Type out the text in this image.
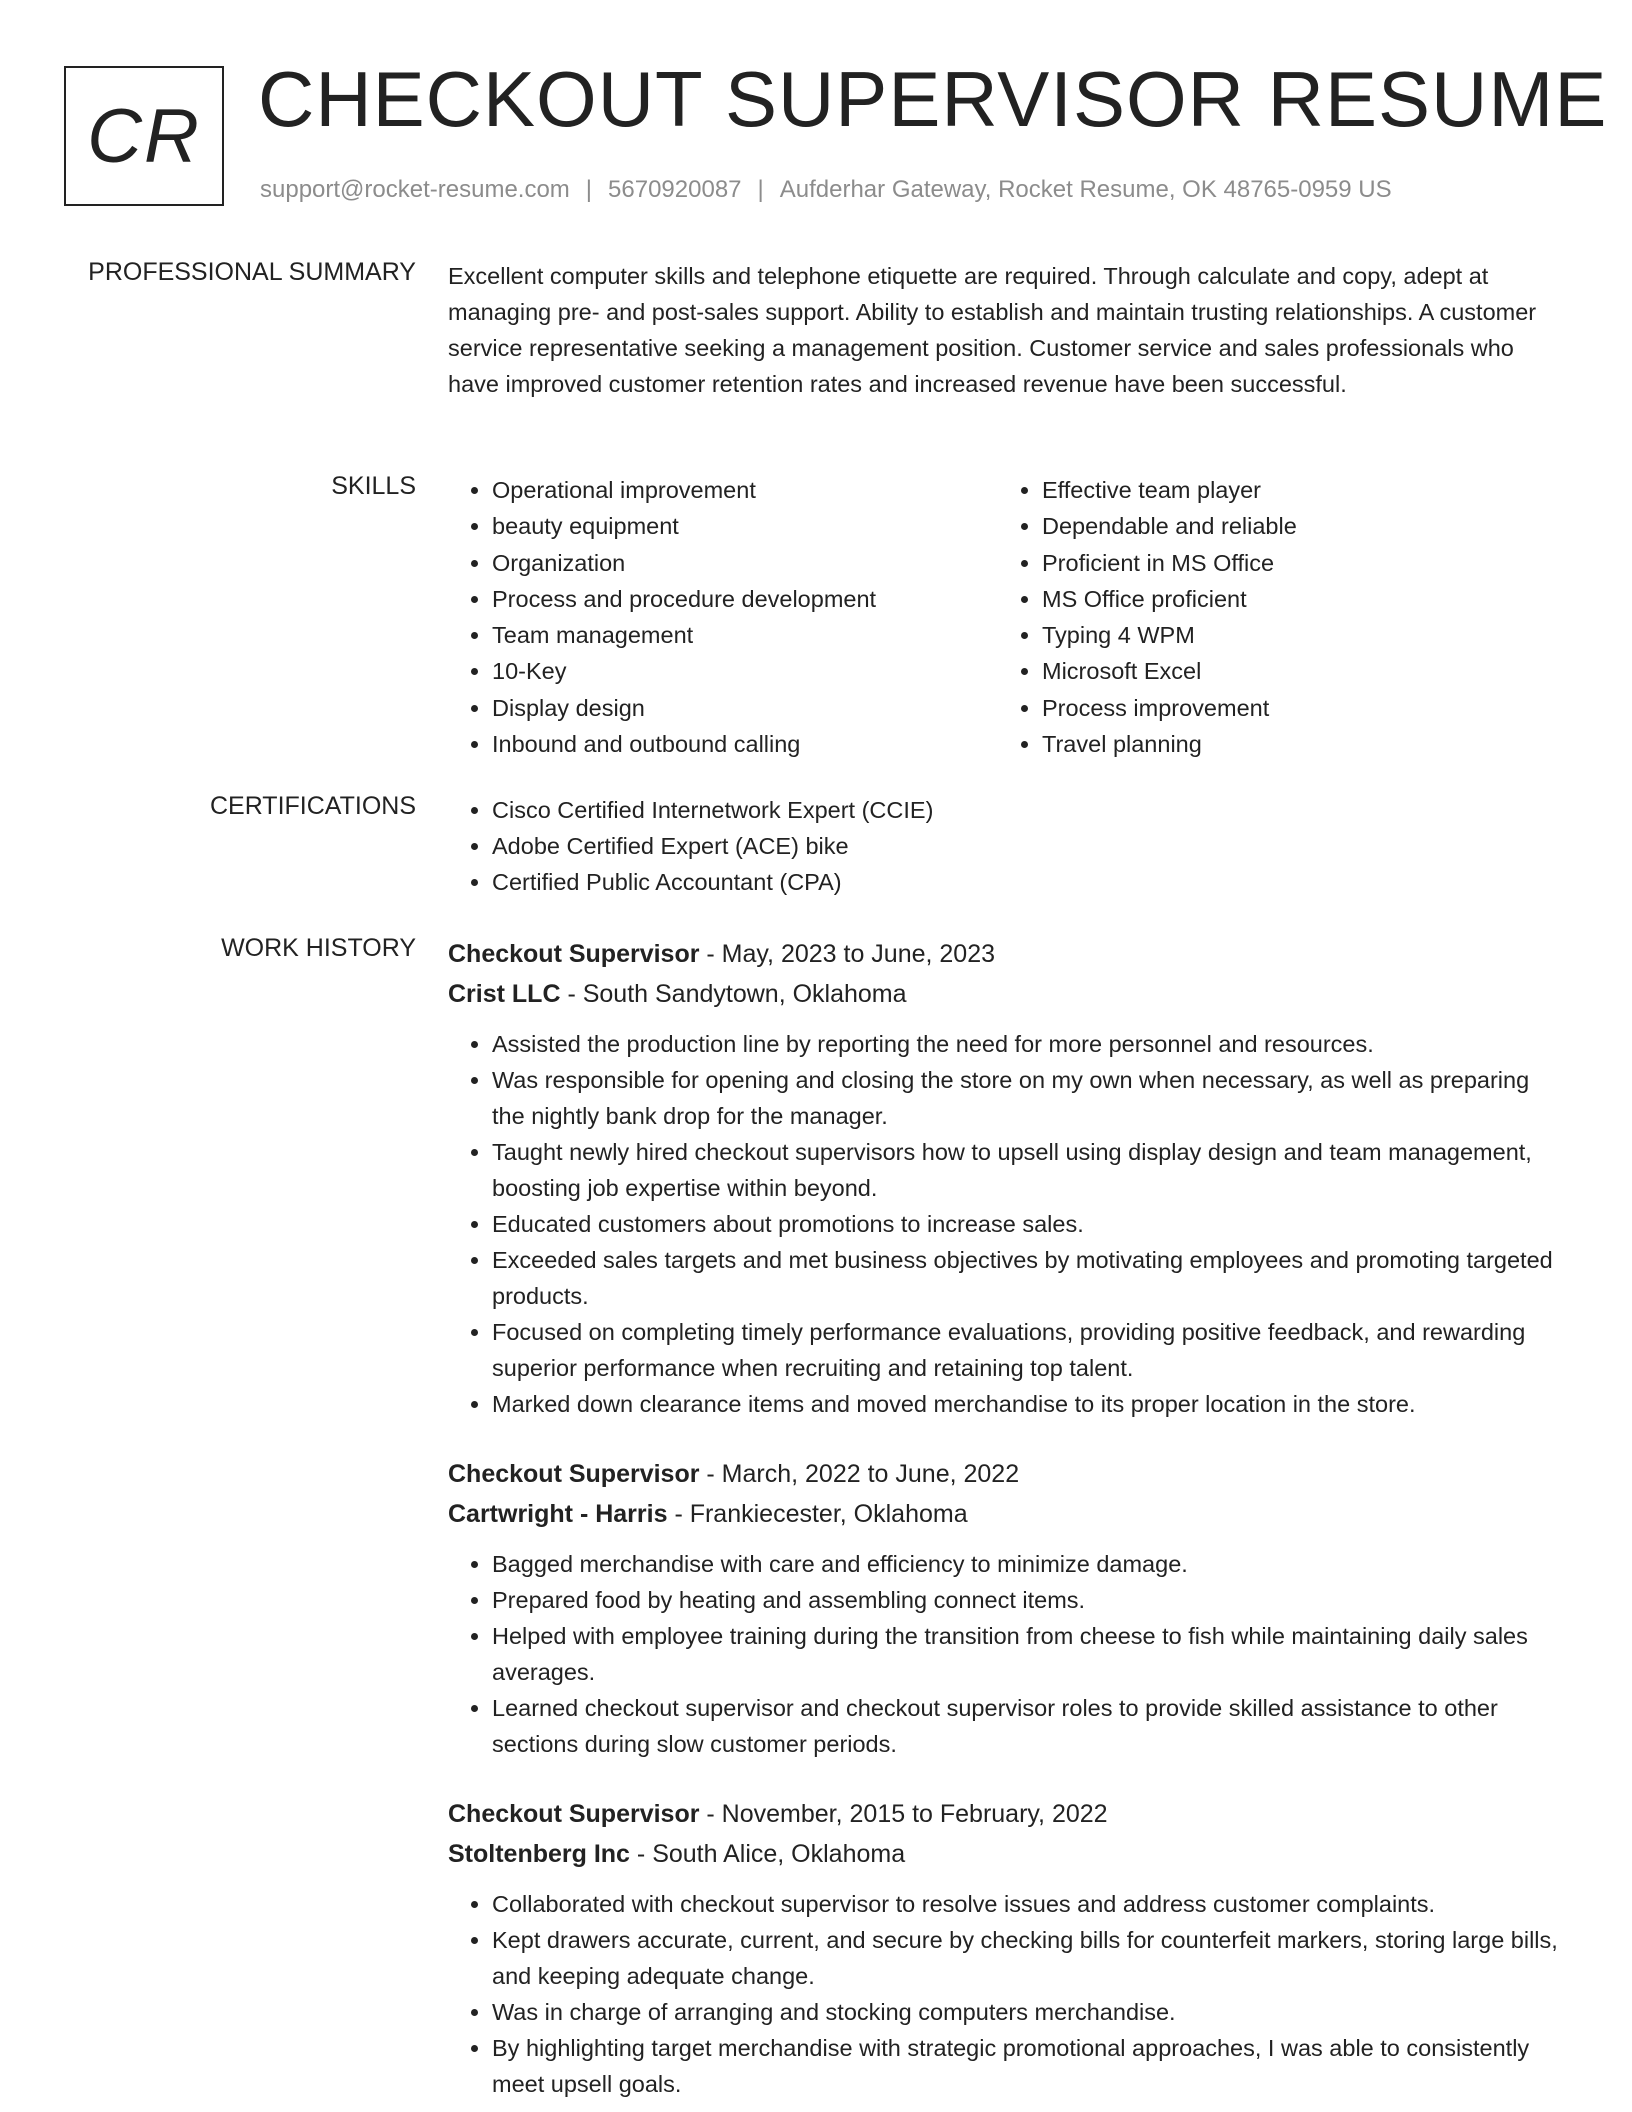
CR CHECKOUT SUPERVISOR RESUME
support@rocket-resume.com | 5670920087 | Aufderhar Gateway, Rocket Resume, OK 48765-0959 US
PROFESSIONAL SUMMARY Excellent computer skills and telephone etiquette are required. Through calculate and copy, adept at managing pre- and post-sales support. Ability to establish and maintain trusting relationships. A customer service representative seeking a management position. Customer service and sales professionals who have improved customer retention rates and increased revenue have been successful.

SKILLS	• Operational improvement
• beauty equipment
• Organization
• Process and procedure development
• Team management
• 10-Key
• Display design
• Inbound and outbound calling
• Effective team player
• Dependable and reliable
• Proficient in MS Office
• MS Office proficient
• Typing 4 WPM
• Microsoft Excel
• Process improvement
• Travel planning
CERTIFICATIONS	• Cisco Certified Internetwork Expert (CCIE)
• Adobe Certified Expert (ACE) bike
• Certified Public Accountant (CPA)
WORK HISTORY Checkout Supervisor - May, 2023 to June, 2023
Crist LLC - South Sandytown, Oklahoma
• Assisted the production line by reporting the need for more personnel and resources.
• Was responsible for opening and closing the store on my own when necessary, as well as preparing the nightly bank drop for the manager.
• Taught newly hired checkout supervisors how to upsell using display design and team management, boosting job expertise within beyond.
• Educated customers about promotions to increase sales.
• Exceeded sales targets and met business objectives by motivating employees and promoting targeted products.
• Focused on completing timely performance evaluations, providing positive feedback, and rewarding superior performance when recruiting and retaining top talent.
• Marked down clearance items and moved merchandise to its proper location in the store.
Checkout Supervisor - March, 2022 to June, 2022
Cartwright - Harris - Frankiecester, Oklahoma
• Bagged merchandise with care and efficiency to minimize damage.
• Prepared food by heating and assembling connect items.
• Helped with employee training during the transition from cheese to fish while maintaining daily sales averages.
• Learned checkout supervisor and checkout supervisor roles to provide skilled assistance to other sections during slow customer periods.
Checkout Supervisor - November, 2015 to February, 2022
Stoltenberg Inc - South Alice, Oklahoma
• Collaborated with checkout supervisor to resolve issues and address customer complaints.
• Kept drawers accurate, current, and secure by checking bills for counterfeit markers, storing large bills, and keeping adequate change.
• Was in charge of arranging and stocking computers merchandise.
• By highlighting target merchandise with strategic promotional approaches, I was able to consistently meet upsell goals.
